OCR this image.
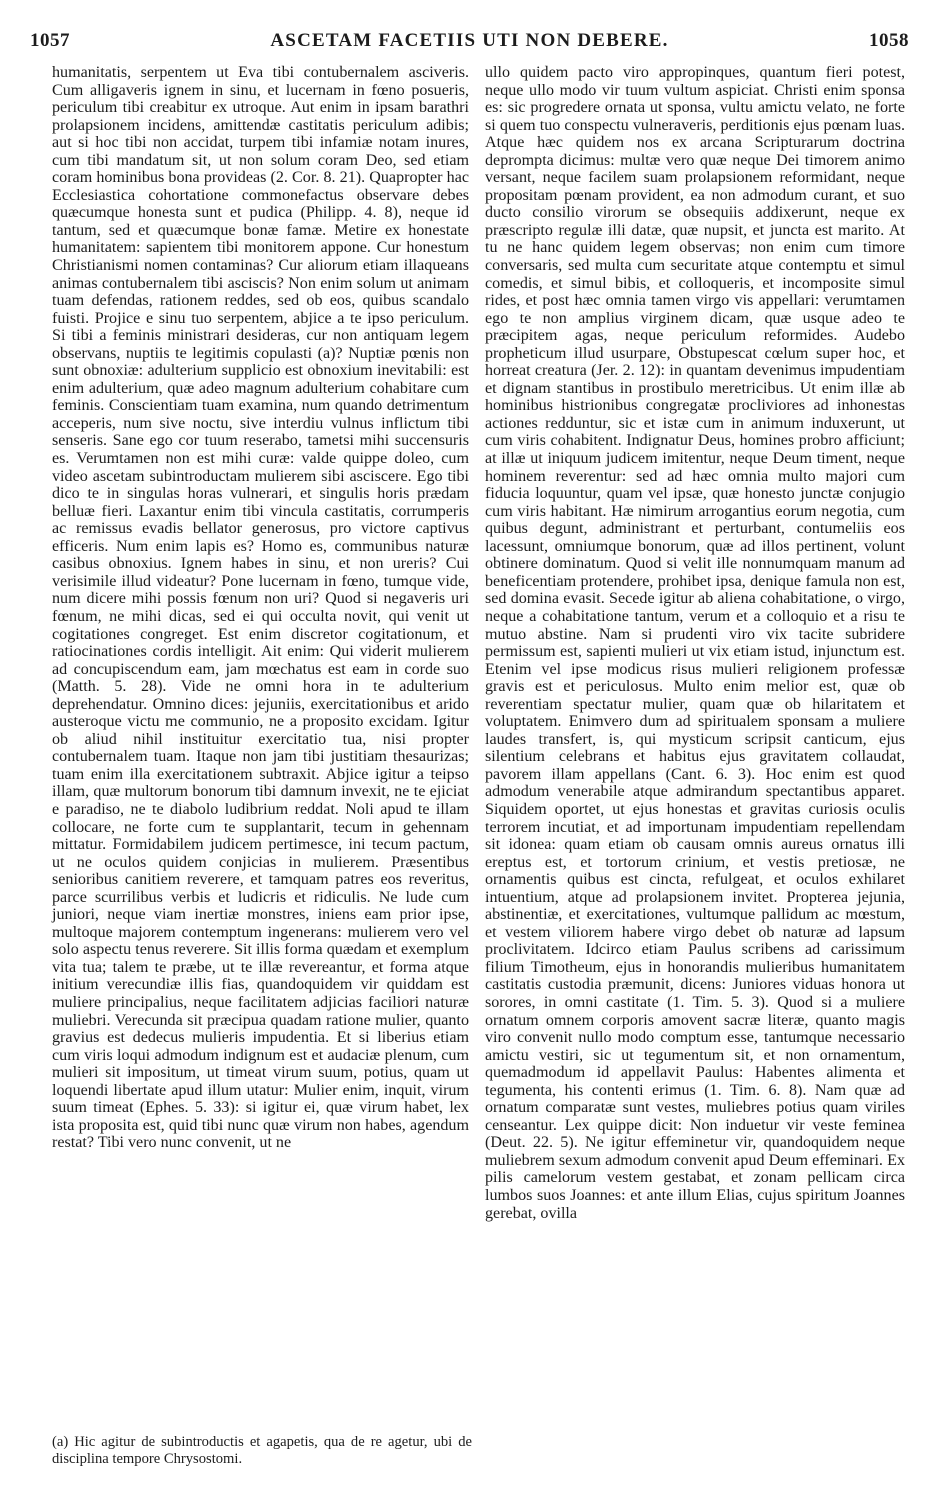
1057	ASCETAM FACETIIS UTI NON DEBERE.	1058

humanitatis, serpentem ut Eva tibi contubernalem asciveris. Cum alligaveris ignem in sinu, et lucernam in fœno posueris, periculum tibi creabitur ex utroque. Aut enim in ipsam barathri prolapsionem incidens, amittendæ castitatis periculum adibis; aut si hoc tibi non accidat, turpem tibi infamiæ notam inures, cum tibi mandatum sit, ut non solum coram Deo, sed etiam coram hominibus bona provideas (2. Cor. 8. 21). Quapropter hac Ecclesiastica cohortatione commonefactus observare debes quæcumque honesta sunt et pudica (Philipp. 4. 8), neque id tantum, sed et quæcumque bonæ famæ. Metire ex honestate humanitatem: sapientem tibi monitorem appone. Cur honestum Christianismi nomen contaminas? Cur aliorum etiam illaqueans animas contubernalem tibi asciscis? Non enim solum ut animam tuam defendas, rationem reddes, sed ob eos, quibus scandalo fuisti. Projice e sinu tuo serpentem, abjice a te ipso periculum. Si tibi a feminis ministrari desideras, cur non antiquam legem observans, nuptiis te legitimis copulasti (a)? Nuptiæ pœnis non sunt obnoxiæ: adulterium supplicio est obnoxium inevitabili: est enim adulterium, quæ adeo magnum adulterium cohabitare cum feminis. Conscientiam tuam examina, num quando detrimentum acceperis, num sive noctu, sive interdiu vulnus inflictum tibi senseris. Sane ego cor tuum reserabo, tametsi mihi succensuris es. Verumtamen non est mihi curæ: valde quippe doleo, cum video ascetam subintroductam mulierem sibi asciscere. Ego tibi dico te in singulas horas vulnerari, et singulis horis prædam belluæ fieri. Laxantur enim tibi vincula castitatis, corrumperis ac remissus evadis bellator generosus, pro victore captivus efficeris. Num enim lapis es? Homo es, communibus naturæ casibus obnoxius. Ignem habes in sinu, et non ureris? Cui verisimile illud videatur? Pone lucernam in fœno, tumque vide, num dicere mihi possis fœnum non uri? Quod si negaveris uri fœnum, ne mihi dicas, sed ei qui occulta novit, qui venit ut cogitationes congreget. Est enim discretor cogitationum, et ratiocinationes cordis intelligit. Ait enim: Qui viderit mulierem ad concupiscendum eam, jam mœchatus est eam in corde suo (Matth. 5. 28). Vide ne omni hora in te adulterium deprehendatur. Omnino dices: jejuniis, exercitationibus et arido austeroque victu me communio, ne a proposito excidam. Igitur ob aliud nihil instituitur exercitatio tua, nisi propter contubernalem tuam. Itaque non jam tibi justitiam thesaurizas; tuam enim illa exercitationem subtraxit. Abjice igitur a teipso illam, quæ multorum bonorum tibi damnum invexit, ne te ejiciat e paradiso, ne te diabolo ludibrium reddat. Noli apud te illam collocare, ne forte cum te supplantarit, tecum in gehennam mittatur. Formidabilem judicem pertimesce, ini tecum pactum, ut ne oculos quidem conjicias in mulierem. Præsentibus senioribus canitiem reverere, et tamquam patres eos reveritus, parce scurrilibus verbis et ludicris et ridiculis. Ne lude cum juniori, neque viam inertiæ monstres, iniens eam prior ipse, multoque majorem contemptum ingenerans: mulierem vero vel solo aspectu tenus reverere. Sit illis forma quædam et exemplum vita tua; talem te præbe, ut te illæ revereantur, et forma atque initium verecundiæ illis fias, quandoquidem vir quiddam est muliere principalius, neque facilitatem adjicias faciliori naturæ muliebri. Verecunda sit præcipua quadam ratione mulier, quanto gravius est dedecus mulieris impudentia. Et si liberius etiam cum viris loqui admodum indignum est et audaciæ plenum, cum mulieri sit impositum, ut timeat virum suum, potius, quam ut loquendi libertate apud illum utatur: Mulier enim, inquit, virum suum timeat (Ephes. 5. 33): si igitur ei, quæ virum habet, lex ista proposita est, quid tibi nunc quæ virum non habes, agendum restat? Tibi vero nunc convenit, ut ne

ullo quidem pacto viro appropinques, quantum fieri potest, neque ullo modo vir tuum vultum aspiciat. Christi enim sponsa es: sic progredere ornata ut sponsa, vultu amictu velato, ne forte si quem tuo conspectu vulneraveris, perditionis ejus pœnam luas. Atque hæc quidem nos ex arcana Scripturarum doctrina deprompta dicimus: multæ vero quæ neque Dei timorem animo versant, neque facilem suam prolapsionem reformidant, neque propositam pœnam provident, ea non admodum curant, et suo ducto consilio virorum se obsequiis addixerunt, neque ex præscripto regulæ illi datæ, quæ nupsit, et juncta est marito. At tu ne hanc quidem legem observas; non enim cum timore conversaris, sed multa cum securitate atque contemptu et simul comedis, et simul bibis, et colloqueris, et incomposite simul rides, et post hæc omnia tamen virgo vis appellari: verumtamen ego te non amplius virginem dicam, quæ usque adeo te præcipitem agas, neque periculum reformides. Audebo propheticum illud usurpare, Obstupescat cœlum super hoc, et horreat creatura (Jer. 2. 12): in quantam devenimus impudentiam et dignam stantibus in prostibulo meretricibus. Ut enim illæ ab hominibus histrionibus congregatæ procliviores ad inhonestas actiones redduntur, sic et istæ cum in animum induxerunt, ut cum viris cohabitent. Indignatur Deus, homines probro afficiunt; at illæ ut iniquum judicem imitentur, neque Deum timent, neque hominem reverentur: sed ad hæc omnia multo majori cum fiducia loquuntur, quam vel ipsæ, quæ honesto junctæ conjugio cum viris habitant. Hæ nimirum arrogantius eorum negotia, cum quibus degunt, administrant et perturbant, contumeliis eos lacessunt, omniumque bonorum, quæ ad illos pertinent, volunt obtinere dominatum. Quod si velit ille nonnumquam manum ad beneficentiam protendere, prohibet ipsa, denique famula non est, sed domina evasit. Secede igitur ab aliena cohabitatione, o virgo, neque a cohabitatione tantum, verum et a colloquio et a risu te mutuo abstine. Nam si prudenti viro vix tacite subridere permissum est, sapienti mulieri ut vix etiam istud, injunctum est. Etenim vel ipse modicus risus mulieri religionem professæ gravis est et periculosus. Multo enim melior est, quæ ob reverentiam spectatur mulier, quam quæ ob hilaritatem et voluptatem. Enimvero dum ad spiritualem sponsam a muliere laudes transfert, is, qui mysticum scripsit canticum, ejus silentium celebrans et habitus ejus gravitatem collaudat, pavorem illam appellans (Cant. 6. 3). Hoc enim est quod admodum venerabile atque admirandum spectantibus apparet. Siquidem oportet, ut ejus honestas et gravitas curiosis oculis terrorem incutiat, et ad importunam impudentiam repellendam sit idonea: quam etiam ob causam omnis aureus ornatus illi ereptus est, et tortorum crinium, et vestis pretiosæ, ne ornamentis quibus est cincta, refulgeat, et oculos exhilaret intuentium, atque ad prolapsionem invitet. Propterea jejunia, abstinentiæ, et exercitationes, vultumque pallidum ac mœstum, et vestem viliorem habere virgo debet ob naturæ ad lapsum proclivitatem. Idcirco etiam Paulus scribens ad carissimum filium Timotheum, ejus in honorandis mulieribus humanitatem castitatis custodia præmunit, dicens: Juniores viduas honora ut sorores, in omni castitate (1. Tim. 5. 3). Quod si a muliere ornatum omnem corporis amovent sacræ literæ, quanto magis viro convenit nullo modo comptum esse, tantumque necessario amictu vestiri, sic ut tegumentum sit, et non ornamentum, quemadmodum id appellavit Paulus: Habentes alimenta et tegumenta, his contenti erimus (1. Tim. 6. 8). Nam quæ ad ornatum comparatæ sunt vestes, muliebres potius quam viriles censeantur. Lex quippe dicit: Non induetur vir veste feminea (Deut. 22. 5). Ne igitur effeminetur vir, quandoquidem neque muliebrem sexum admodum convenit apud Deum effeminari. Ex pilis camelorum vestem gestabat, et zonam pellicam circa lumbos suos Joannes: et ante illum Elias, cujus spiritum Joannes gerebat, ovilla

(a) Hic agitur de subintroductis et agapetis, qua de re agetur, ubi de disciplina tempore Chrysostomi.
